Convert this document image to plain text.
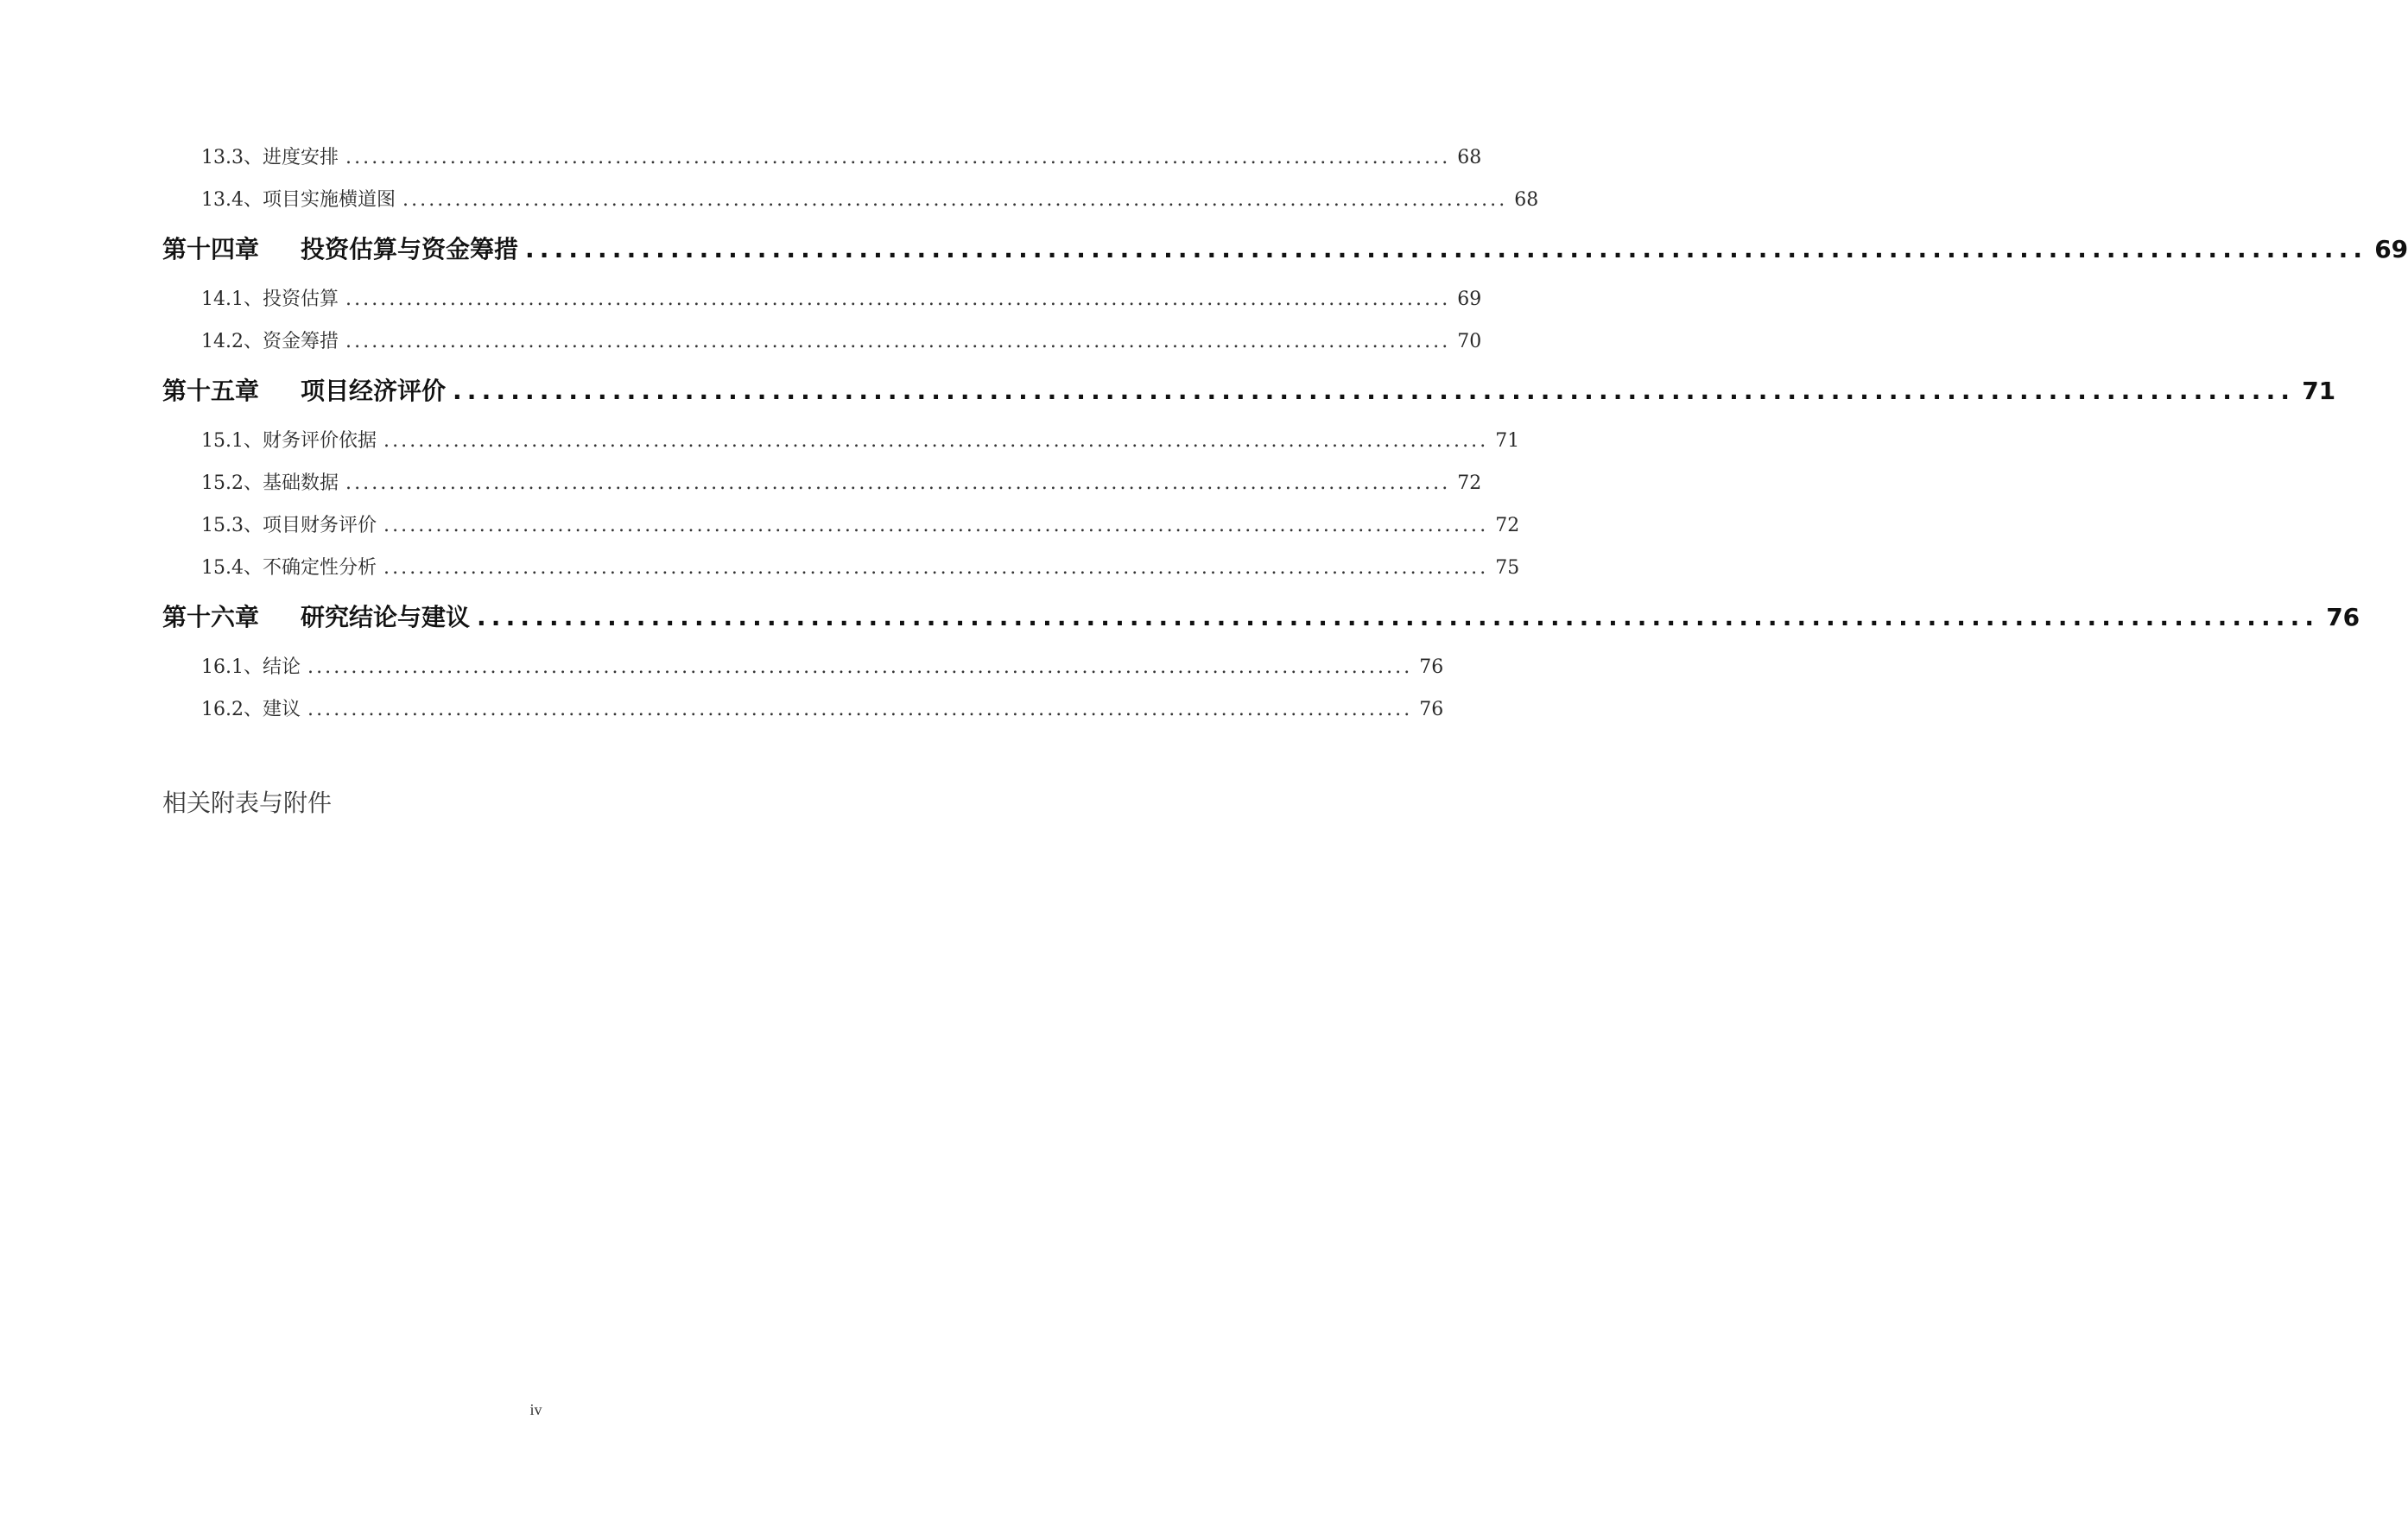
13.3、进度安排 ............................................................................................................................... 68
13.4、项目实施横道图 ............................................................................................................................... 68
第十四章	投资估算与资金筹措 ............................................................................................................................... 69
14.1、投资估算 ............................................................................................................................... 69
14.2、资金筹措 ............................................................................................................................... 70
第十五章	项目经济评价 ............................................................................................................................... 71
15.1、财务评价依据 ............................................................................................................................... 71
15.2、基础数据 ............................................................................................................................... 72
15.3、项目财务评价 ............................................................................................................................... 72
15.4、不确定性分析 ............................................................................................................................... 75
第十六章	研究结论与建议 ............................................................................................................................... 76
16.1、结论 ............................................................................................................................... 76
16.2、建议 ............................................................................................................................... 76
相关附表与附件
iv
